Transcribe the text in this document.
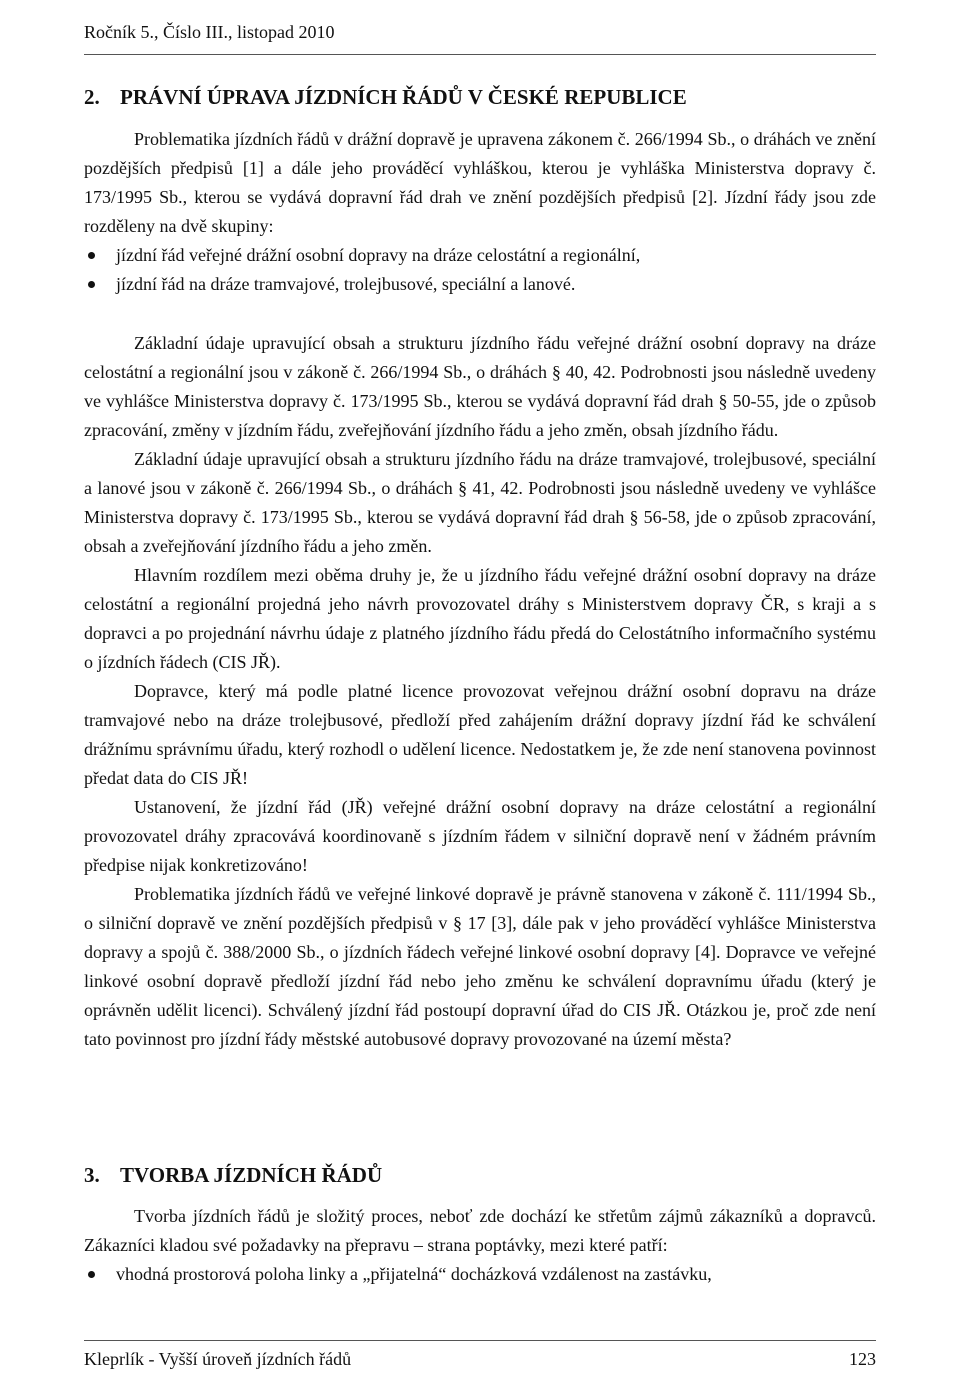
Ročník 5., Číslo III., listopad 2010
2. PRÁVNÍ ÚPRAVA JÍZDNÍCH ŘÁDŮ V ČESKÉ REPUBLICE

Problematika jízdních řádů v drážní dopravě je upravena zákonem č. 266/1994 Sb., o dráhách ve znění pozdějších předpisů [1] a dále jeho prováděcí vyhláškou, kterou je vyhláška Ministerstva dopravy č. 173/1995 Sb., kterou se vydává dopravní řád drah ve znění pozdějších předpisů [2]. Jízdní řády jsou zde rozděleny na dvě skupiny:

jízdní řád veřejné drážní osobní dopravy na dráze celostátní a regionální,
jízdní řád na dráze tramvajové, trolejbusové, speciální a lanové.

Základní údaje upravující obsah a strukturu jízdního řádu veřejné drážní osobní dopravy na dráze celostátní a regionální jsou v zákoně č. 266/1994 Sb., o dráhách § 40, 42. Podrobnosti jsou následně uvedeny ve vyhlášce Ministerstva dopravy č. 173/1995 Sb., kterou se vydává dopravní řád drah § 50-55, jde o způsob zpracování, změny v jízdním řádu, zveřejňování jízdního řádu a jeho změn, obsah jízdního řádu.

Základní údaje upravující obsah a strukturu jízdního řádu na dráze tramvajové, trolejbusové, speciální a lanové jsou v zákoně č. 266/1994 Sb., o dráhách § 41, 42. Podrobnosti jsou následně uvedeny ve vyhlášce Ministerstva dopravy č. 173/1995 Sb., kterou se vydává dopravní řád drah § 56-58, jde o způsob zpracování, obsah a zveřejňování jízdního řádu a jeho změn.

Hlavním rozdílem mezi oběma druhy je, že u jízdního řádu veřejné drážní osobní dopravy na dráze celostátní a regionální projedná jeho návrh provozovatel dráhy s Ministerstvem dopravy ČR, s kraji a s dopravci a po projednání návrhu údaje z platného jízdního řádu předá do Celostátního informačního systému o jízdních řádech (CIS JŘ).

Dopravce, který má podle platné licence provozovat veřejnou drážní osobní dopravu na dráze tramvajové nebo na dráze trolejbusové, předloží před zahájením drážní dopravy jízdní řád ke schválení drážnímu správnímu úřadu, který rozhodl o udělení licence. Nedostatkem je, že zde není stanovena povinnost předat data do CIS JŘ!

Ustanovení, že jízdní řád (JŘ) veřejné drážní osobní dopravy na dráze celostátní a regionální provozovatel dráhy zpracovává koordinovaně s jízdním řádem v silniční dopravě není v žádném právním předpise nijak konkretizováno!

Problematika jízdních řádů ve veřejné linkové dopravě je právně stanovena v zákoně č. 111/1994 Sb., o silniční dopravě ve znění pozdějších předpisů v § 17 [3], dále pak v jeho prováděcí vyhlášce Ministerstva dopravy a spojů č. 388/2000 Sb., o jízdních řádech veřejné linkové osobní dopravy [4]. Dopravce ve veřejné linkové osobní dopravě předloží jízdní řád nebo jeho změnu ke schválení dopravnímu úřadu (který je oprávněn udělit licenci). Schválený jízdní řád postoupí dopravní úřad do CIS JŘ. Otázkou je, proč zde není tato povinnost pro jízdní řády městské autobusové dopravy provozované na území města?

3. TVORBA JÍZDNÍCH ŘÁDŮ

Tvorba jízdních řádů je složitý proces, neboť zde dochází ke střetům zájmů zákazníků a dopravců. Zákazníci kladou své požadavky na přepravu – strana poptávky, mezi které patří:

vhodná prostorová poloha linky a „přijatelná“ docházková vzdálenost na zastávku,
Kleprlík - Vyšší úroveň jízdních řádů	123
